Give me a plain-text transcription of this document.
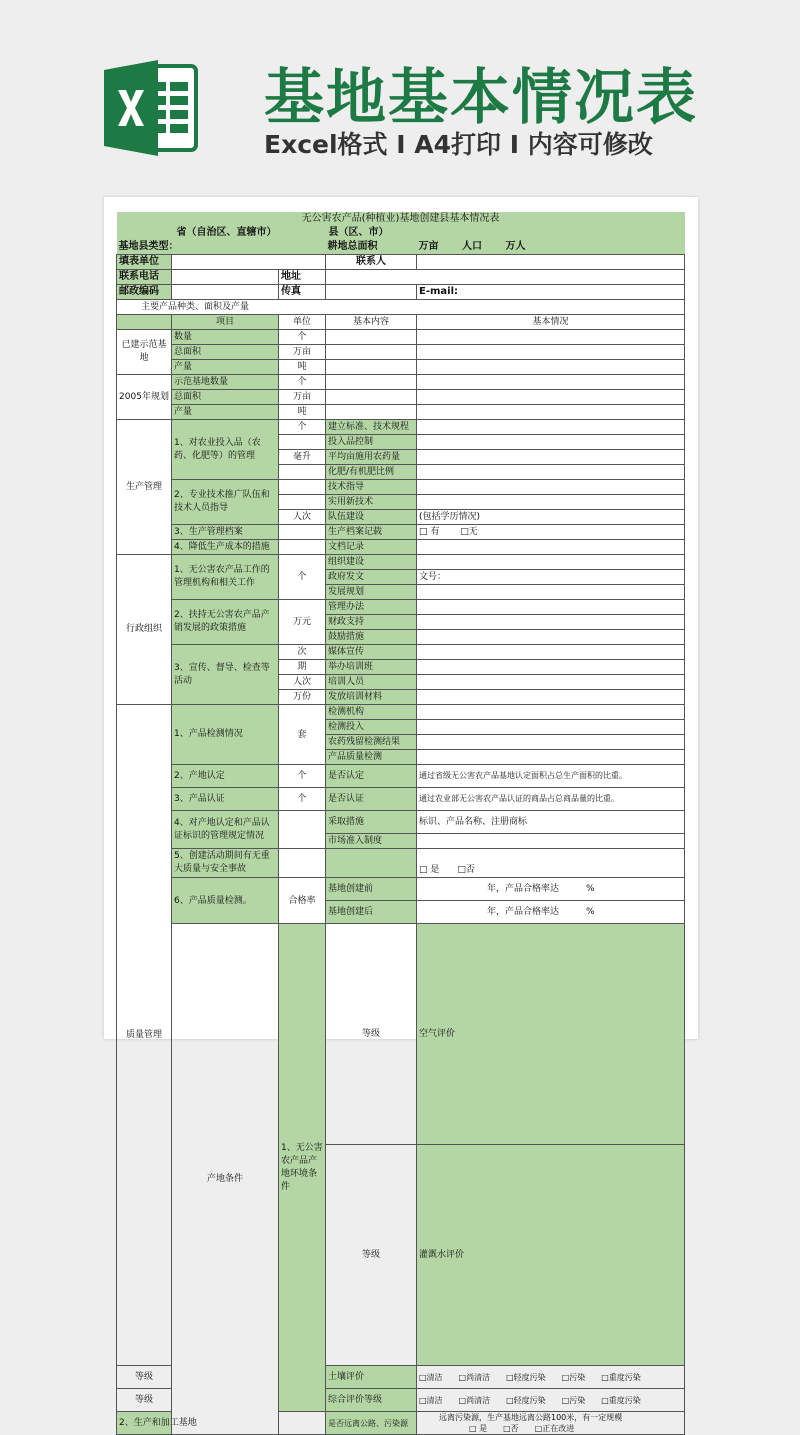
基地基本情况表
Excel格式 I A4打印 I 内容可修改
无公害农产品(种植业)基地创建县基本情况表					
省（自治区、直辖市）		县（区、市）			
基地县类型：			耕地总面积	万亩　　 人口　　 万人	
填表单位			联系人		
联系电话		地址			
邮政编码		传真		E-mail:	
主要产品种类、面积及产量					
	项目	单位	基本内容	基本情况	
已建示范基地	数量	个			
	总面积	万亩			
	产量	吨			
2005年规划	示范基地数量	个			
	总面积	万亩			
	产量	吨			
生产管理	1、对农业投入品（农药、化肥等）的管理	个	建立标准、技术规程		
			投入品控制		
		毫升	平均亩施用农药量		
			化肥/有机肥比例		
	2、专业技术推广队伍和技术人员指导		技术指导		
			实用新技术		
		人次	队伍建设	(包括学历情况)	
	3、生产管理档案		生产档案记载	□ 有　　 □无	
	4、降低生产成本的措施		文档记录		
行政组织	1、无公害农产品工作的管理机构和相关工作	个	组织建设		
			政府发文	文号：	
			发展规划		
	2、扶持无公害农产品产销发展的政策措施	万元	管理办法		
			财政支持		
			鼓励措施		
	3、宣传、督导、检查等活动	次	媒体宣传		
		期	举办培训班		
		人次	培训人员		
		万份	发放培训材料		
质量管理	1、产品检测情况	套	检测机构		
			检测投入		
			农药残留检测结果		
			产品质量检测		
	2、产地认定	个	是否认定	通过省级无公害农产品基地认定面积占总生产面积的比重。	
	3、产品认证	个	是否认证	通过农业部无公害农产品认证的商品占总商品量的比重。	
	4、对产地认定和产品认证标识的管理规定情况		采取措施	标识、产品名称、注册商标	
			市场准入制度		
	5、创建活动期间有无重大质量与安全事故			□ 是　　□否	
	6、产品质量检测。	合格率	基地创建前	年，产品合格率达　　　%	
			基地创建后	年，产品合格率达　　　%	
	产地条件	1、无公害农产品产地环境条件	等级	空气评价	
			等级	灌溉水评价	
等级			土壤评价	□清洁　　□尚清洁　　□轻度污染　　□污染　　□重度污染	
等级			综合评价等级	□清洁　　□尚清洁　　□轻度污染　　□污染　　□重度污染	
2、生产和加工基地			是否远离公路、污染源	远离污染源，生产基地远离公路100米，有一定规模
□ 是　　□否　　□正在改进	
